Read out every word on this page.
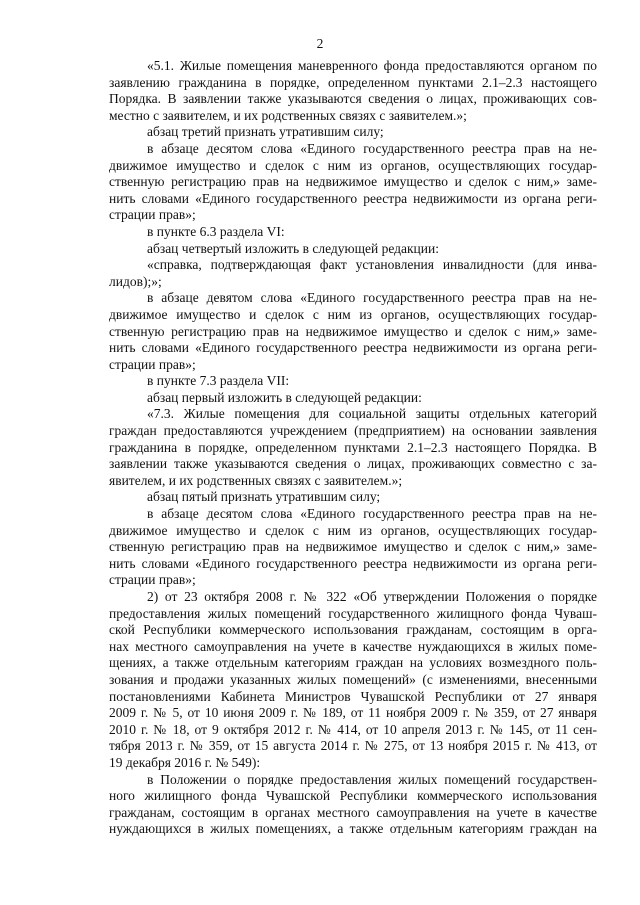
2

«5.1. Жилые помещения маневренного фонда предоставляются органом по

заявлению гражданина в порядке, определенном пунктами 2.1–2.3 настоящего

Порядка. В заявлении также указываются сведения о лицах, проживающих сов-

местно с заявителем, и их родственных связях с заявителем.»;

абзац третий признать утратившим силу;

в абзаце десятом слова «Единого государственного реестра прав на не-

движимое имущество и сделок с ним из органов, осуществляющих государ-

ственную регистрацию прав на недвижимое имущество и сделок с ним,» заме-

нить словами «Единого государственного реестра недвижимости из органа реги-

страции прав»;

в пункте 6.3 раздела VI:

абзац четвертый изложить в следующей редакции:

«справка, подтверждающая факт установления инвалидности (для инва-

лидов);»;

в абзаце девятом слова «Единого государственного реестра прав на не-

движимое имущество и сделок с ним из органов, осуществляющих государ-

ственную регистрацию прав на недвижимое имущество и сделок с ним,» заме-

нить словами «Единого государственного реестра недвижимости из органа реги-

страции прав»;

в пункте 7.3 раздела VII:

абзац первый изложить в следующей редакции:

«7.3. Жилые помещения для социальной защиты отдельных категорий

граждан предоставляются учреждением (предприятием) на основании заявления

гражданина в порядке, определенном пунктами 2.1–2.3 настоящего Порядка. В

заявлении также указываются сведения о лицах, проживающих совместно с за-

явителем, и их родственных связях с заявителем.»;

абзац пятый признать утратившим силу;

в абзаце десятом слова «Единого государственного реестра прав на не-

движимое имущество и сделок с ним из органов, осуществляющих государ-

ственную регистрацию прав на недвижимое имущество и сделок с ним,» заме-

нить словами «Единого государственного реестра недвижимости из органа реги-

страции прав»;

2) от 23 октября 2008 г. № 322 «Об утверждении Положения о порядке

предоставления жилых помещений государственного жилищного фонда Чуваш-

ской Республики коммерческого использования гражданам, состоящим в орга-

нах местного самоуправления на учете в качестве нуждающихся в жилых поме-

щениях, а также отдельным категориям граждан на условиях возмездного поль-

зования и продажи указанных жилых помещений» (с изменениями, внесенными

постановлениями Кабинета Министров Чувашской Республики от 27 января

2009 г. № 5, от 10 июня 2009 г. № 189, от 11 ноября 2009 г. № 359, от 27 января

2010 г. № 18, от 9 октября 2012 г. № 414, от 10 апреля 2013 г. № 145, от 11 сен-

тября 2013 г. № 359, от 15 августа 2014 г. № 275, от 13 ноября 2015 г. № 413, от

19 декабря 2016 г. № 549):

в Положении о порядке предоставления жилых помещений государствен-

ного жилищного фонда Чувашской Республики коммерческого использования

гражданам, состоящим в органах местного самоуправления на учете в качестве

нуждающихся в жилых помещениях, а также отдельным категориям граждан на
